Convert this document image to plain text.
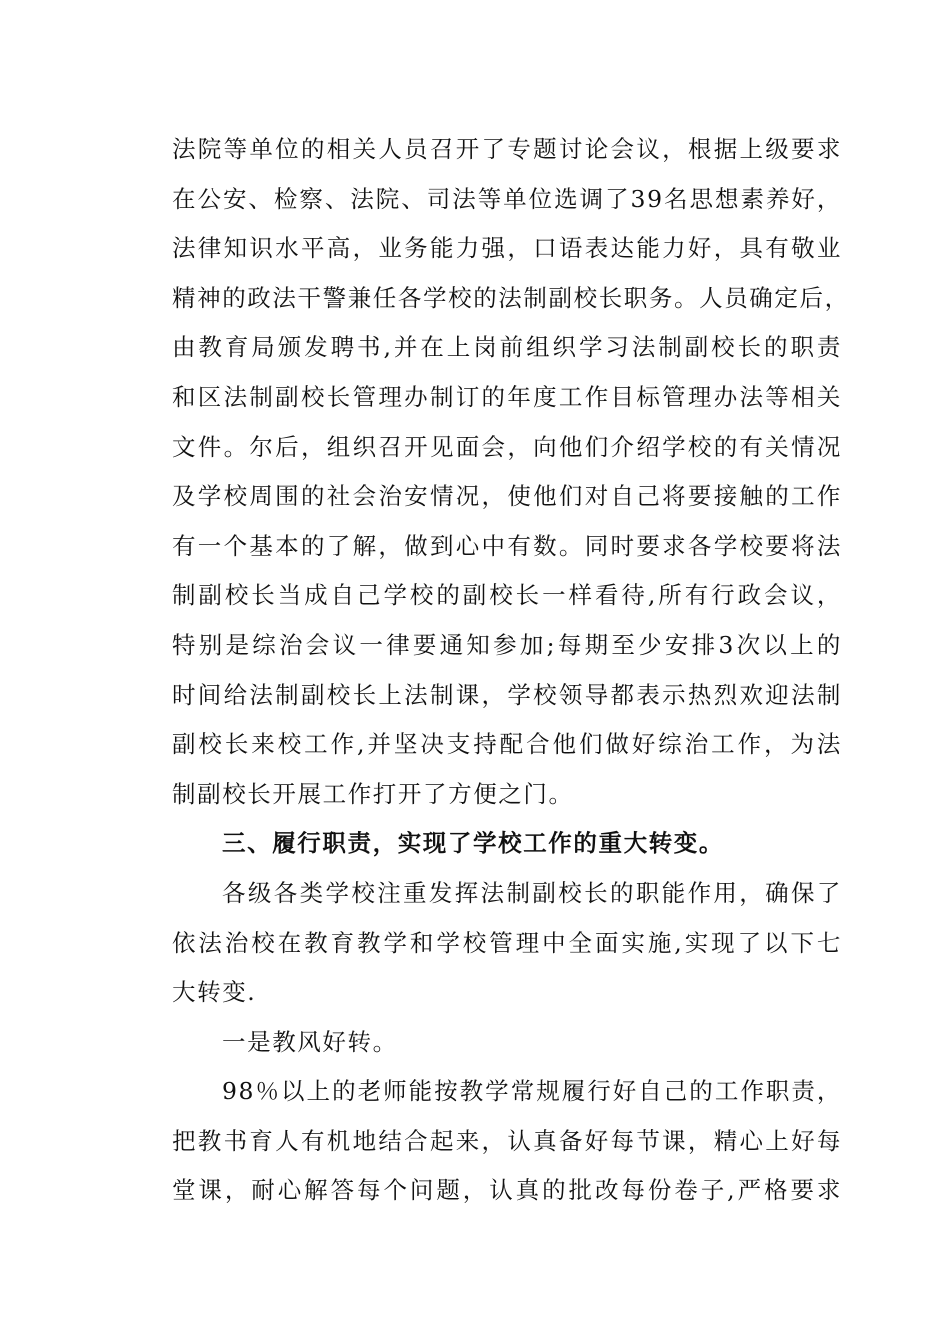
法院等单位的相关人员召开了专题讨论会议，根据上级要求
在公安、检察、法院、司法等单位选调了39名思想素养好，
法律知识水平高，业务能力强，口语表达能力好，具有敬业
精神的政法干警兼任各学校的法制副校长职务。人员确定后，
由教育局颁发聘书,并在上岗前组织学习法制副校长的职责
和区法制副校长管理办制订的年度工作目标管理办法等相关
文件。尔后，组织召开见面会，向他们介绍学校的有关情况
及学校周围的社会治安情况，使他们对自己将要接触的工作
有一个基本的了解，做到心中有数。同时要求各学校要将法
制副校长当成自己学校的副校长一样看待,所有行政会议，
特别是综治会议一律要通知参加;每期至少安排3次以上的
时间给法制副校长上法制课，学校领导都表示热烈欢迎法制
副校长来校工作,并坚决支持配合他们做好综治工作，为法
制副校长开展工作打开了方便之门。
三、履行职责，实现了学校工作的重大转变。
各级各类学校注重发挥法制副校长的职能作用，确保了
依法治校在教育教学和学校管理中全面实施,实现了以下七
大转变.
一是教风好转。
98％以上的老师能按教学常规履行好自己的工作职责，
把教书育人有机地结合起来，认真备好每节课，精心上好每
堂课，耐心解答每个问题，认真的批改每份卷子,严格要求
